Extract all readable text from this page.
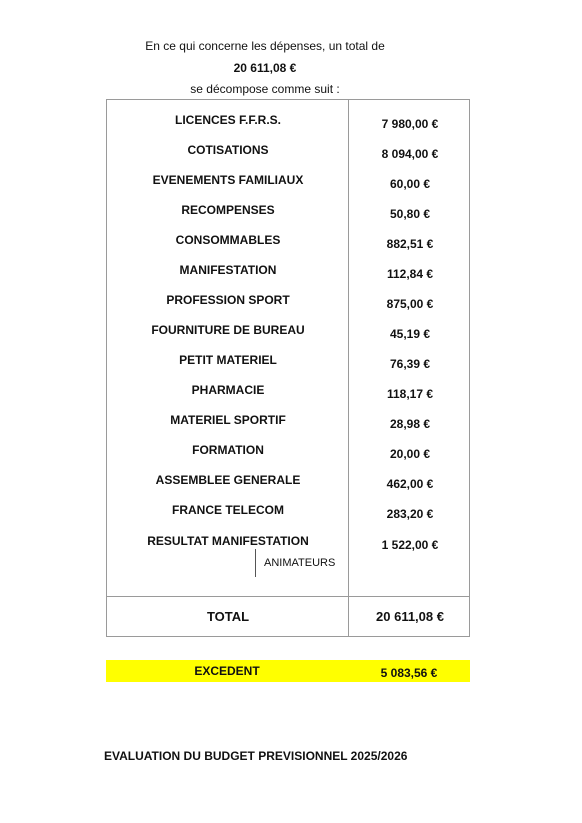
En ce qui concerne les dépenses, un total de
20 611,08 €
se décompose comme suit :
LICENCES F.F.R.S.	7 980,00 €
COTISATIONS	8 094,00 €
EVENEMENTS FAMILIAUX	60,00 €
RECOMPENSES	50,80 €
CONSOMMABLES	882,51 €
MANIFESTATION	112,84 €
PROFESSION SPORT	875,00 €
FOURNITURE DE BUREAU	45,19 €
PETIT MATERIEL	76,39 €
PHARMACIE	118,17 €
MATERIEL SPORTIF	28,98 €
FORMATION	20,00 €
ASSEMBLEE GENERALE	462,00 €
FRANCE TELECOM	283,20 €
RESULTAT MANIFESTATION	1 522,00 €
ANIMATEURS
TOTAL	20 611,08 €
EXCEDENT	5 083,56 €
EVALUATION DU BUDGET PREVISIONNEL 2025/2026
